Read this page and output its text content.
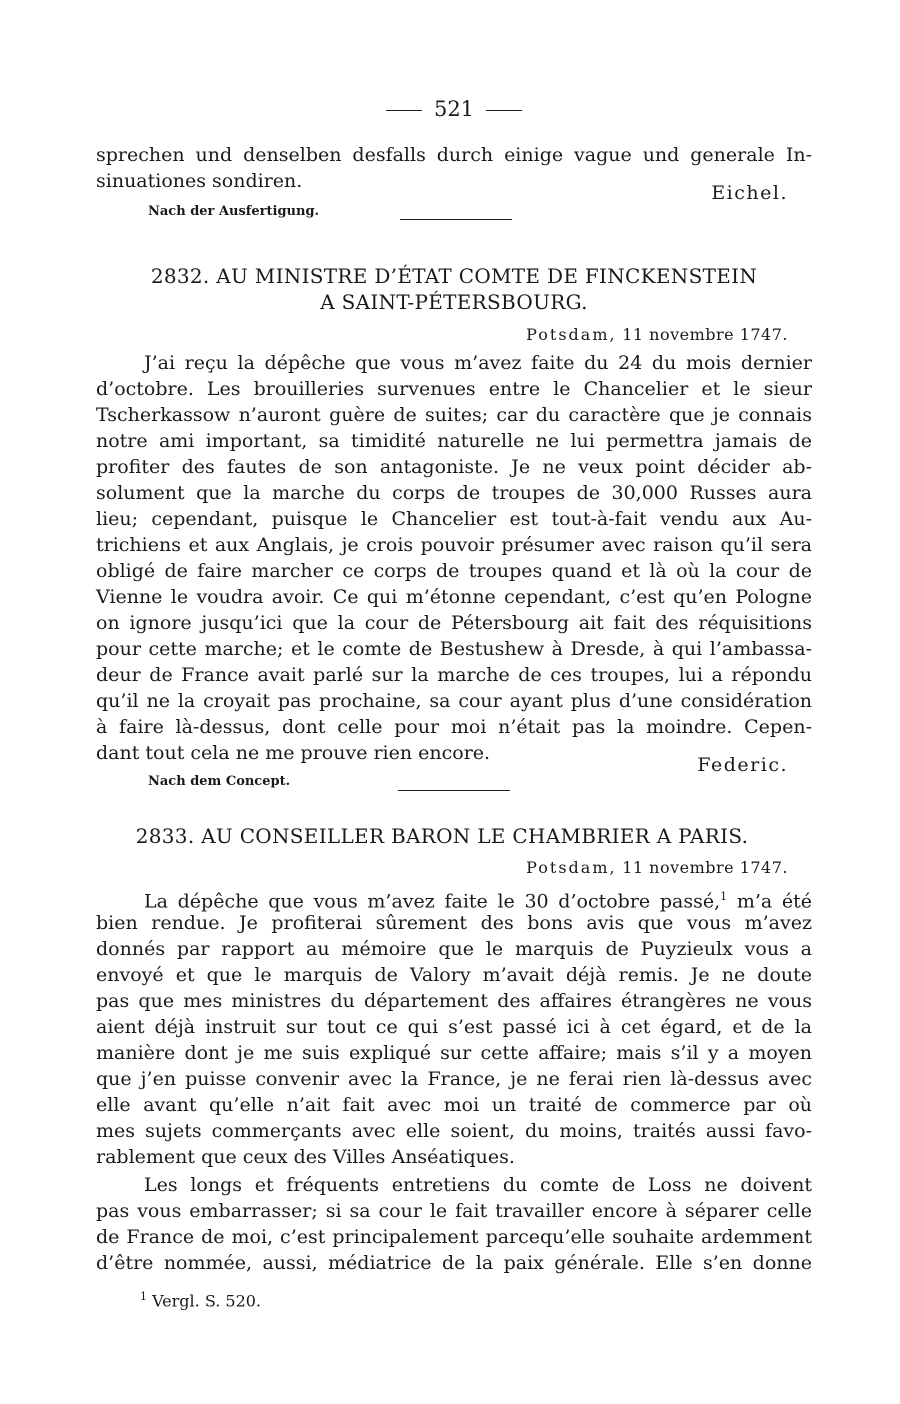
521
sprechen und denselben desfalls durch einige vague und generale In-
sinuationes sondiren.
Eichel.
Nach der Ausfertigung.
2832. AU MINISTRE D’ÉTAT COMTE DE FINCKENSTEIN
A SAINT-PÉTERSBOURG.
Potsdam, 11 novembre 1747.
J’ai reçu la dépêche que vous m’avez faite du 24 du mois dernier
d’octobre. Les brouilleries survenues entre le Chancelier et le sieur
Tscherkassow n’auront guère de suites; car du caractère que je connais
notre ami important, sa timidité naturelle ne lui permettra jamais de
profiter des fautes de son antagoniste. Je ne veux point décider ab-
solument que la marche du corps de troupes de 30,000 Russes aura
lieu; cependant, puisque le Chancelier est tout-à-fait vendu aux Au-
trichiens et aux Anglais, je crois pouvoir présumer avec raison qu’il sera
obligé de faire marcher ce corps de troupes quand et là où la cour de
Vienne le voudra avoir. Ce qui m’étonne cependant, c’est qu’en Pologne
on ignore jusqu’ici que la cour de Pétersbourg ait fait des réquisitions
pour cette marche; et le comte de Bestushew à Dresde, à qui l’ambassa-
deur de France avait parlé sur la marche de ces troupes, lui a répondu
qu’il ne la croyait pas prochaine, sa cour ayant plus d’une considération
à faire là-dessus, dont celle pour moi n’était pas la moindre. Cepen-
dant tout cela ne me prouve rien encore.
Federic.
Nach dem Concept.
2833. AU CONSEILLER BARON LE CHAMBRIER A PARIS.
Potsdam, 11 novembre 1747.
La dépêche que vous m’avez faite le 30 d’octobre passé,$^1$ m’a été
bien rendue. Je profiterai sûrement des bons avis que vous m’avez
donnés par rapport au mémoire que le marquis de Puyzieulx vous a
envoyé et que le marquis de Valory m’avait déjà remis. Je ne doute
pas que mes ministres du département des affaires étrangères ne vous
aient déjà instruit sur tout ce qui s’est passé ici à cet égard, et de la
manière dont je me suis expliqué sur cette affaire; mais s’il y a moyen
que j’en puisse convenir avec la France, je ne ferai rien là-dessus avec
elle avant qu’elle n’ait fait avec moi un traité de commerce par où
mes sujets commerçants avec elle soient, du moins, traités aussi favo-
rablement que ceux des Villes Anséatiques.
Les longs et fréquents entretiens du comte de Loss ne doivent
pas vous embarrasser; si sa cour le fait travailler encore à séparer celle
de France de moi, c’est principalement parcequ’elle souhaite ardemment
d’être nommée, aussi, médiatrice de la paix générale. Elle s’en donne
$^1$ Vergl. S. 520.
